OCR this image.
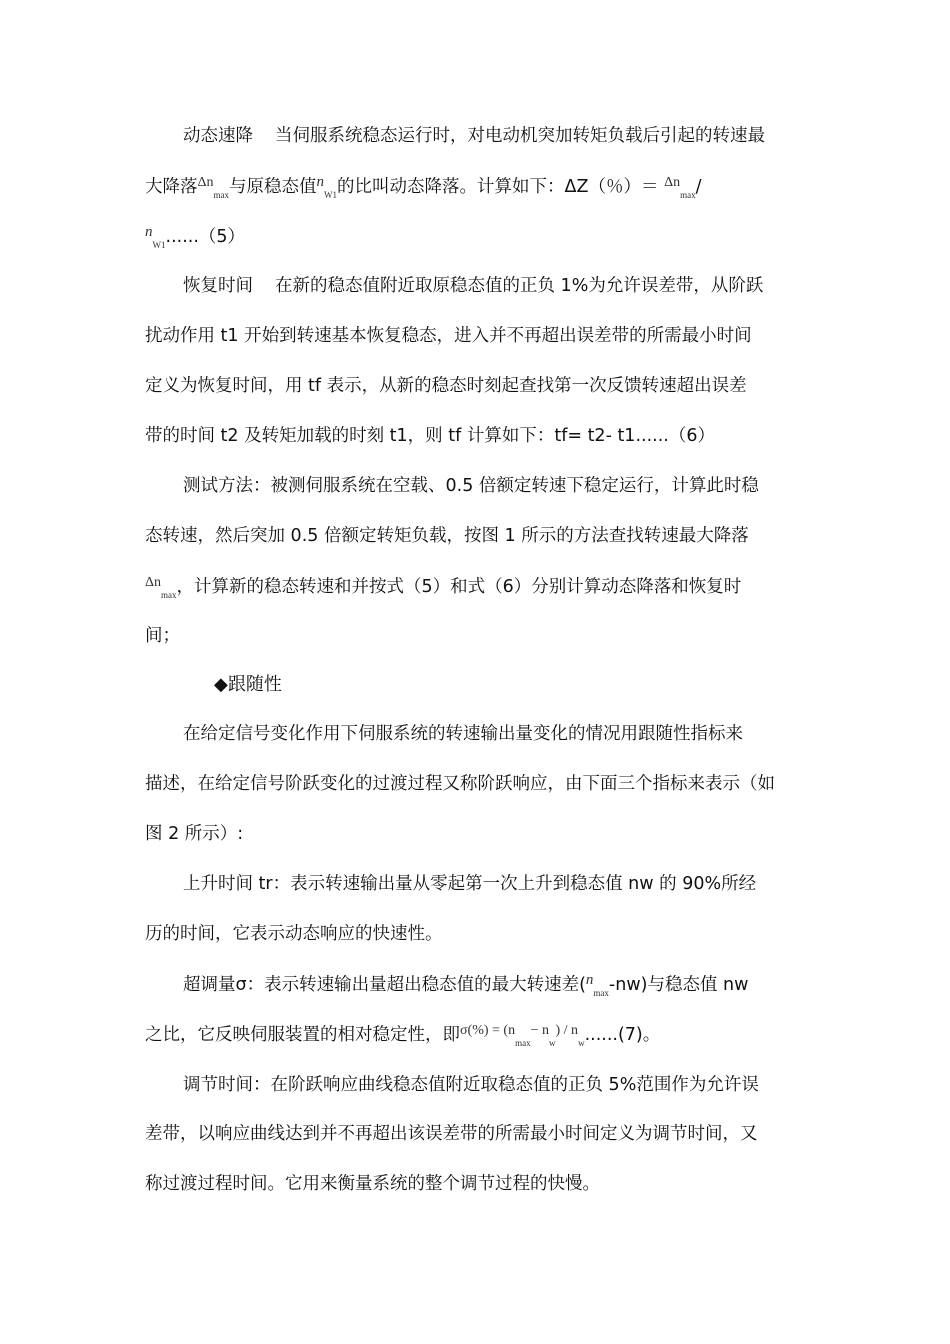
动态速降 当伺服系统稳态运行时，对电动机突加转矩负载后引起的转速最
大降落$^{\Delta n}_{max}$与原稳态值$n_{W1}$的比叫动态降落。计算如下：ΔZ（％）＝ $^{\Delta n}_{max}$/
$n_{W1}......(5)$
恢复时间 在新的稳态值附近取原稳态值的正负 1%为允许误差带，从阶跃
扰动作用 t1 开始到转速基本恢复稳态，进入并不再超出误差带的所需最小时间
定义为恢复时间，用 tf 表示，从新的稳态时刻起查找第一次反馈转速超出误差
带的时间 t2 及转矩加载的时刻 t1，则 tf 计算如下：tf= t2- t1......（6）
测试方法：被测伺服系统在空载、0.5 倍额定转速下稳定运行，计算此时稳
态转速，然后突加 0.5 倍额定转矩负载，按图 1 所示的方法查找转速最大降落
$^{\Delta n}_{max}$，计算新的稳态转速和并按式（5）和式（6）分别计算动态降落和恢复时
间；
◆跟随性
在给定信号变化作用下伺服系统的转速输出量变化的情况用跟随性指标来
描述，在给定信号阶跃变化的过渡过程又称阶跃响应，由下面三个指标来表示（如
图 2 所示）:
上升时间 tr：表示转速输出量从零起第一次上升到稳态值 nw 的 90%所经
历的时间，它表示动态响应的快速性。
超调量σ：表示转速输出量超出稳态值的最大转速差$(n_{max}-nw)$与稳态值 nw
之比，它反映伺服装置的相对稳定性，即$^{\sigma(\%) = (n}_{max}^{- n}_w^{) / n}_w$......(7)。
调节时间：在阶跃响应曲线稳态值附近取稳态值的正负 5%范围作为允许误
差带，以响应曲线达到并不再超出该误差带的所需最小时间定义为调节时间，又
称过渡过程时间。它用来衡量系统的整个调节过程的快慢。
